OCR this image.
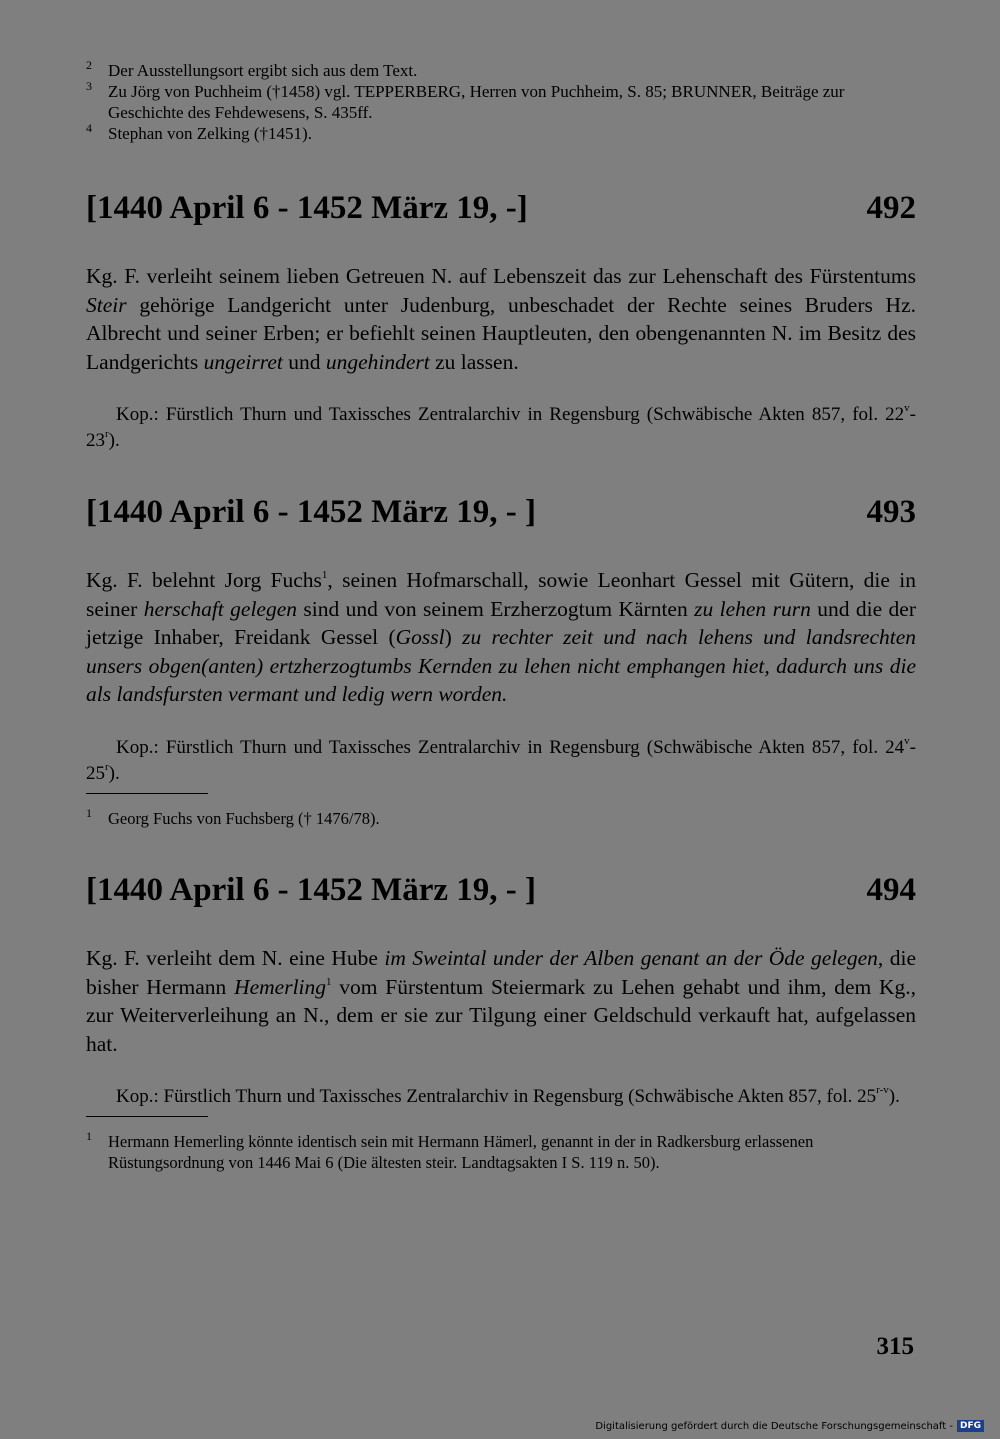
2 Der Ausstellungsort ergibt sich aus dem Text.
3 Zu Jörg von Puchheim (†1458) vgl. TEPPERBERG, Herren von Puchheim, S. 85; BRUNNER, Beiträge zur Geschichte des Fehdewesens, S. 435ff.
4 Stephan von Zelking (†1451).
[1440 April 6 - 1452 März 19, -]	492
Kg. F. verleiht seinem lieben Getreuen N. auf Lebenszeit das zur Lehenschaft des Fürstentums Steir gehörige Landgericht unter Judenburg, unbeschadet der Rechte seines Bruders Hz. Albrecht und seiner Erben; er befiehlt seinen Hauptleuten, den obengenannten N. im Besitz des Landgerichts ungeirret und ungehindert zu lassen.
Kop.: Fürstlich Thurn und Taxissches Zentralarchiv in Regensburg (Schwäbische Akten 857, fol. 22$^v$-23$^r$).
[1440 April 6 - 1452 März 19, - ]	493
Kg. F. belehnt Jorg Fuchs$^1$, seinen Hofmarschall, sowie Leonhart Gessel mit Gütern, die in seiner herschaft gelegen sind und von seinem Erzherzogtum Kärnten zu lehen rurn und die der jetzige Inhaber, Freidank Gessel (Gossl) zu rechter zeit und nach lehens und landsrechten unsers obgen(anten) ertzherzogtumbs Kernden zu lehen nicht emphangen hiet, dadurch uns die als landsfursten vermant und ledig wern worden.
Kop.: Fürstlich Thurn und Taxissches Zentralarchiv in Regensburg (Schwäbische Akten 857, fol. 24$^v$-25$^r$).
1 Georg Fuchs von Fuchsberg († 1476/78).
[1440 April 6 - 1452 März 19, - ]	494
Kg. F. verleiht dem N. eine Hube im Sweintal under der Alben genant an der Öde gelegen, die bisher Hermann Hemerling$^1$ vom Fürstentum Steiermark zu Lehen gehabt und ihm, dem Kg., zur Weiterverleihung an N., dem er sie zur Tilgung einer Geldschuld verkauft hat, aufgelassen hat.
Kop.: Fürstlich Thurn und Taxissches Zentralarchiv in Regensburg (Schwäbische Akten 857, fol. 25$^{r-v}$).
1 Hermann Hemerling könnte identisch sein mit Hermann Hämerl, genannt in der in Radkersburg erlassenen Rüstungsordnung von 1446 Mai 6 (Die ältesten steir. Landtagsakten I S. 119 n. 50).
315
Digitalisierung gefördert durch die Deutsche Forschungsgemeinschaft - DFG
